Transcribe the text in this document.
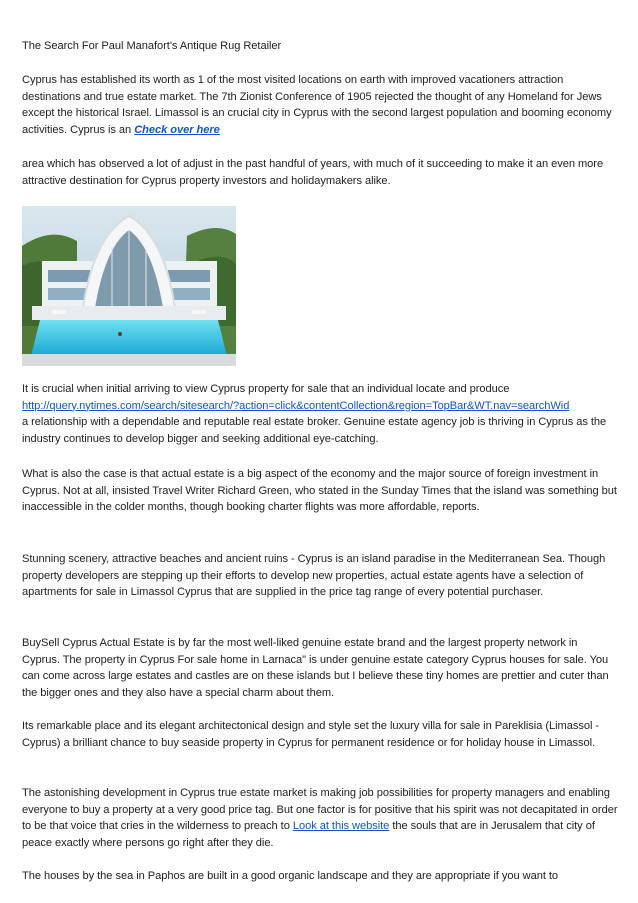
The Search For Paul Manafort's Antique Rug Retailer

Cyprus has established its worth as 1 of the most visited locations on earth with improved vacationers attraction destinations and true estate market. The 7th Zionist Conference of 1905 rejected the thought of any Homeland for Jews except the historical Israel. Limassol is an crucial city in Cyprus with the second largest population and booming economy activities. Cyprus is an Check over here

area which has observed a lot of adjust in the past handful of years, with much of it succeeding to make it an even more attractive destination for Cyprus property investors and holidaymakers alike.

It is crucial when initial arriving to view Cyprus property for sale that an individual locate and produce
http://query.nytimes.com/search/sitesearch/?action=click&contentCollection&region=TopBar&WT.nav=searchWid
a relationship with a dependable and reputable real estate broker. Genuine estate agency job is thriving in Cyprus as the industry continues to develop bigger and seeking additional eye-catching.

What is also the case is that actual estate is a big aspect of the economy and the major source of foreign investment in Cyprus. Not at all, insisted Travel Writer Richard Green, who stated in the Sunday Times that the island was something but inaccessible in the colder months, though booking charter flights was more affordable, reports.

Stunning scenery, attractive beaches and ancient ruins - Cyprus is an island paradise in the Mediterranean Sea. Though property developers are stepping up their efforts to develop new properties, actual estate agents have a selection of apartments for sale in Limassol Cyprus that are supplied in the price tag range of every potential purchaser.

BuySell Cyprus Actual Estate is by far the most well-liked genuine estate brand and the largest property network in Cyprus. The property in Cyprus For sale home in Larnaca" is under genuine estate category Cyprus houses for sale. You can come across large estates and castles are on these islands but I believe these tiny homes are prettier and cuter than the bigger ones and they also have a special charm about them.

Its remarkable place and its elegant architectonical design and style set the luxury villa for sale in Pareklisia (Limassol - Cyprus) a brilliant chance to buy seaside property in Cyprus for permanent residence or for holiday house in Limassol.

The astonishing development in Cyprus true estate market is making job possibilities for property managers and enabling everyone to buy a property at a very good price tag. But one factor is for positive that his spirit was not decapitated in order to be that voice that cries in the wilderness to preach to Look at this website the souls that are in Jerusalem that city of peace exactly where persons go right after they die.

The houses by the sea in Paphos are built in a good organic landscape and they are appropriate if you want to
